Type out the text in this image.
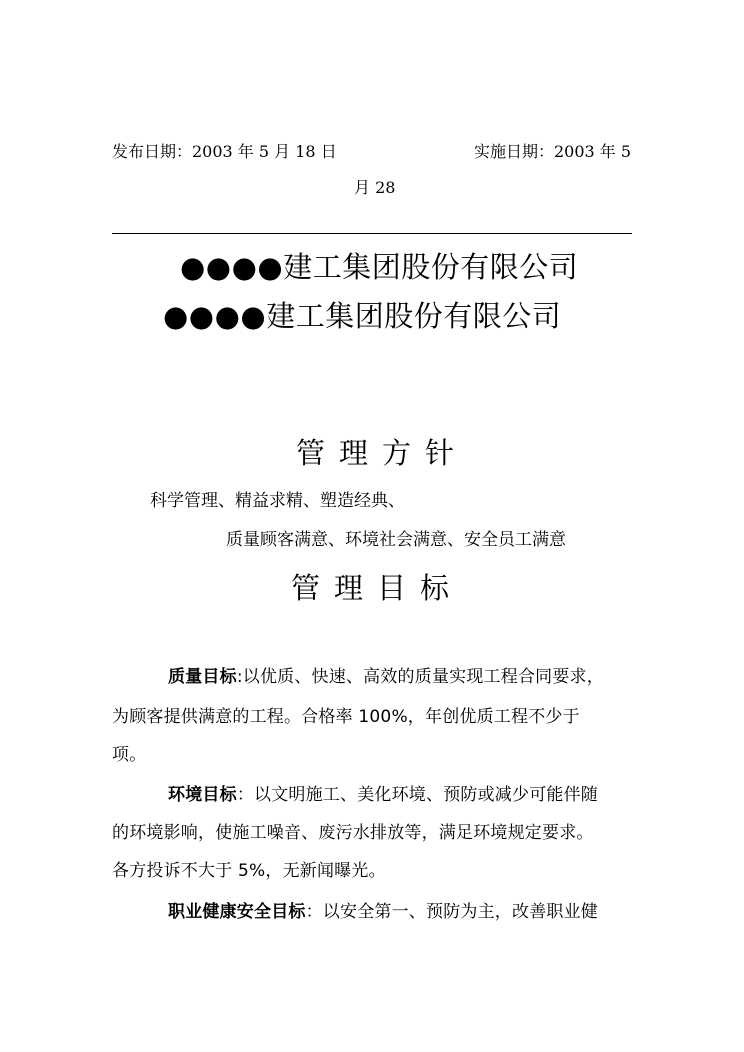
发布日期：2003 年 5 月 18 日	实施日期：2003 年 5
月 28
●●●●建工集团股份有限公司
●●●●建工集团股份有限公司
管理方针
科学管理、精益求精、塑造经典、
质量顾客满意、环境社会满意、安全员工满意
管理目标
质量目标:以优质、快速、高效的质量实现工程合同要求，
为顾客提供满意的工程。合格率 100%，年创优质工程不少于
项。
环境目标：以文明施工、美化环境、预防或减少可能伴随
的环境影响，使施工噪音、废污水排放等，满足环境规定要求。
各方投诉不大于 5%，无新闻曝光。
职业健康安全目标：以安全第一、预防为主，改善职业健
